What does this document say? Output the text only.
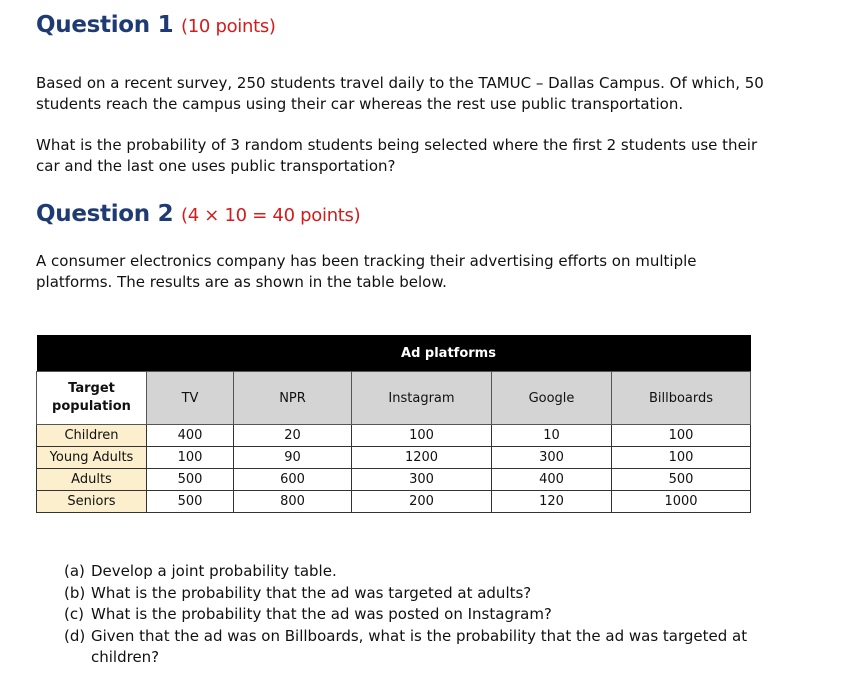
Question 1 (10 points)

Based on a recent survey, 250 students travel daily to the TAMUC – Dallas Campus. Of which, 50 students reach the campus using their car whereas the rest use public transportation.

What is the probability of 3 random students being selected where the first 2 students use their car and the last one uses public transportation?

Question 2 (4 × 10 = 40 points)

A consumer electronics company has been tracking their advertising efforts on multiple platforms. The results are as shown in the table below.

	Ad platforms				
Target population	TV	NPR	Instagram	Google	Billboards
Children	400	20	100	10	100
Young Adults	100	90	1200	300	100
Adults	500	600	300	400	500
Seniors	500	800	200	120	1000
(a) Develop a joint probability table.
(b) What is the probability that the ad was targeted at adults?
(c) What is the probability that the ad was posted on Instagram?
(d) Given that the ad was on Billboards, what is the probability that the ad was targeted at children?
